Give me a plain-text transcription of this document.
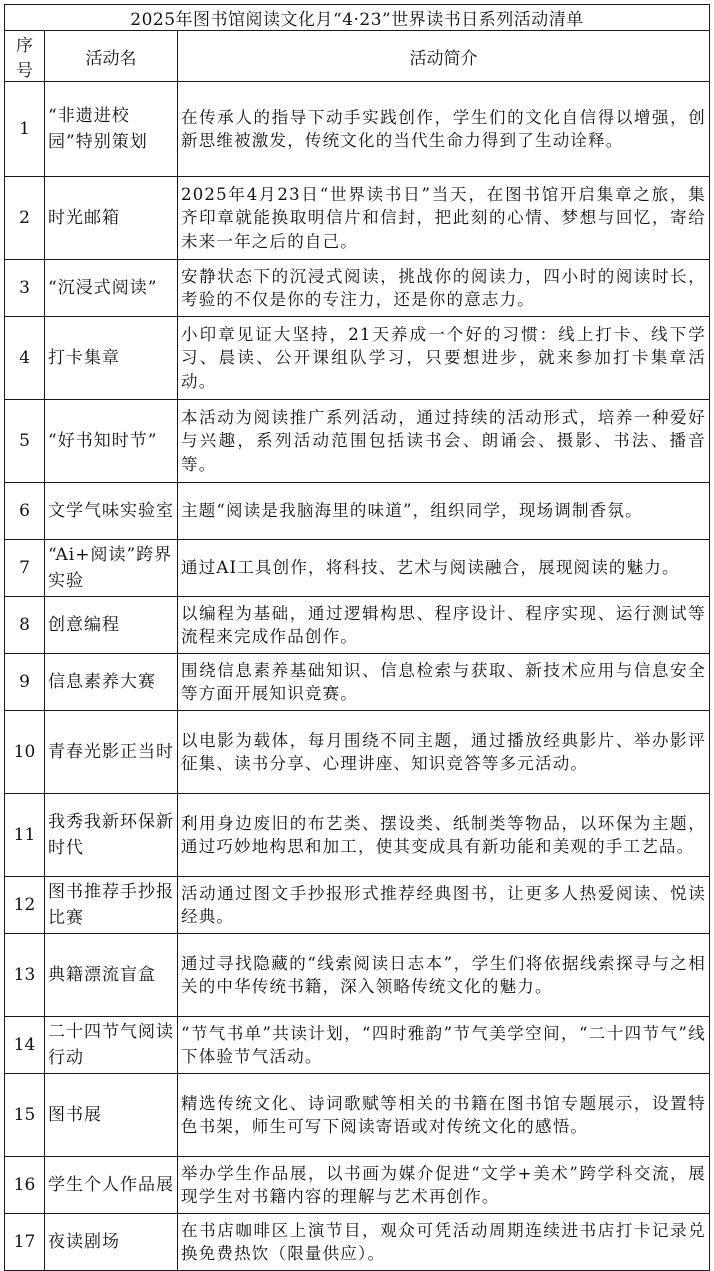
2025年图书馆阅读文化月“4·23”世界读书日系列活动清单		
序号	活动名	活动简介
1	“非遗进校园”特别策划	在传承人的指导下动手实践创作，学生们的文化自信得以增强，创新思维被激发，传统文化的当代生命力得到了生动诠释。
2	时光邮箱	2025年4月23日“世界读书日”当天，在图书馆开启集章之旅，集齐印章就能换取明信片和信封，把此刻的心情、梦想与回忆，寄给未来一年之后的自己。
3	“沉浸式阅读”	安静状态下的沉浸式阅读，挑战你的阅读力，四小时的阅读时长，考验的不仅是你的专注力，还是你的意志力。
4	打卡集章	小印章见证大坚持，21天养成一个好的习惯：线上打卡、线下学习、晨读、公开课组队学习，只要想进步，就来参加打卡集章活动。
5	“好书知时节”	本活动为阅读推广系列活动，通过持续的活动形式，培养一种爱好与兴趣，系列活动范围包括读书会、朗诵会、摄影、书法、播音等。
6	文学气味实验室	主题“阅读是我脑海里的味道”，组织同学，现场调制香氛。
7	“Ai+阅读”跨界实验	通过AI工具创作，将科技、艺术与阅读融合，展现阅读的魅力。
8	创意编程	以编程为基础，通过逻辑构思、程序设计、程序实现、运行测试等流程来完成作品创作。
9	信息素养大赛	围绕信息素养基础知识、信息检索与获取、新技术应用与信息安全等方面开展知识竞赛。
10	青春光影正当时	以电影为载体，每月围绕不同主题，通过播放经典影片、举办影评征集、读书分享、心理讲座、知识竞答等多元活动。
11	我秀我新环保新时代	利用身边废旧的布艺类、摆设类、纸制类等物品，以环保为主题，通过巧妙地构思和加工，使其变成具有新功能和美观的手工艺品。
12	图书推荐手抄报比赛	活动通过图文手抄报形式推荐经典图书，让更多人热爱阅读、悦读经典。
13	典籍漂流盲盒	通过寻找隐藏的“线索阅读日志本”，学生们将依据线索探寻与之相关的中华传统书籍，深入领略传统文化的魅力。
14	二十四节气阅读行动	“节气书单”共读计划，“四时雅韵”节气美学空间，“二十四节气”线下体验节气活动。
15	图书展	精选传统文化、诗词歌赋等相关的书籍在图书馆专题展示，设置特色书架，师生可写下阅读寄语或对传统文化的感悟。
16	学生个人作品展	举办学生作品展，以书画为媒介促进“文学+美术”跨学科交流，展现学生对书籍内容的理解与艺术再创作。
17	夜读剧场	在书店咖啡区上演节目，观众可凭活动周期连续进书店打卡记录兑换免费热饮（限量供应）。
